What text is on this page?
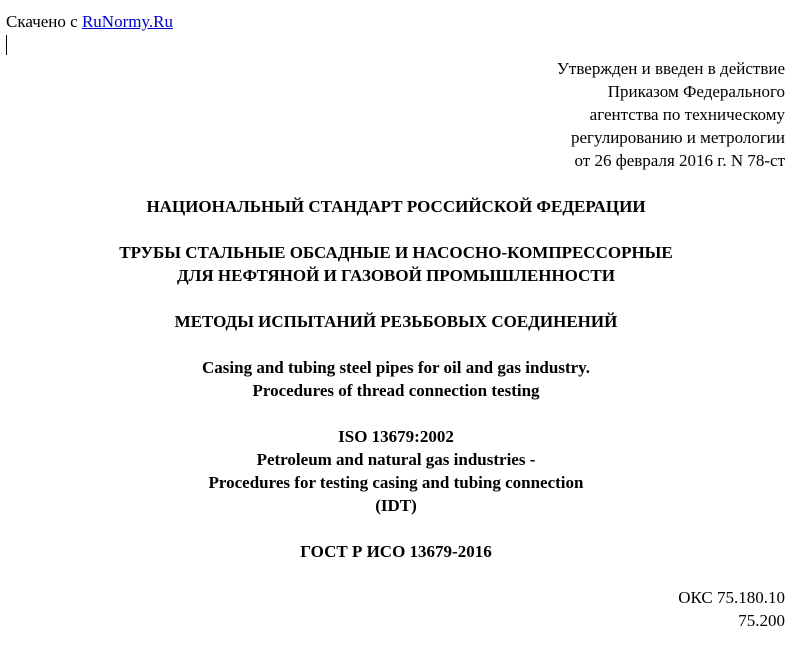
Скачено с RuNormy.Ru
Утвержден и введен в действие
Приказом Федерального
агентства по техническому
регулированию и метрологии
от 26 февраля 2016 г. N 78-ст
НАЦИОНАЛЬНЫЙ СТАНДАРТ РОССИЙСКОЙ ФЕДЕРАЦИИ
ТРУБЫ СТАЛЬНЫЕ ОБСАДНЫЕ И НАСОСНО-КОМПРЕССОРНЫЕ
ДЛЯ НЕФТЯНОЙ И ГАЗОВОЙ ПРОМЫШЛЕННОСТИ
МЕТОДЫ ИСПЫТАНИЙ РЕЗЬБОВЫХ СОЕДИНЕНИЙ
Casing and tubing steel pipes for oil and gas industry.
Procedures of thread connection testing
ISO 13679:2002
Petroleum and natural gas industries -
Procedures for testing casing and tubing connection
(IDT)
ГОСТ Р ИСО 13679-2016
ОКС 75.180.10
75.200
